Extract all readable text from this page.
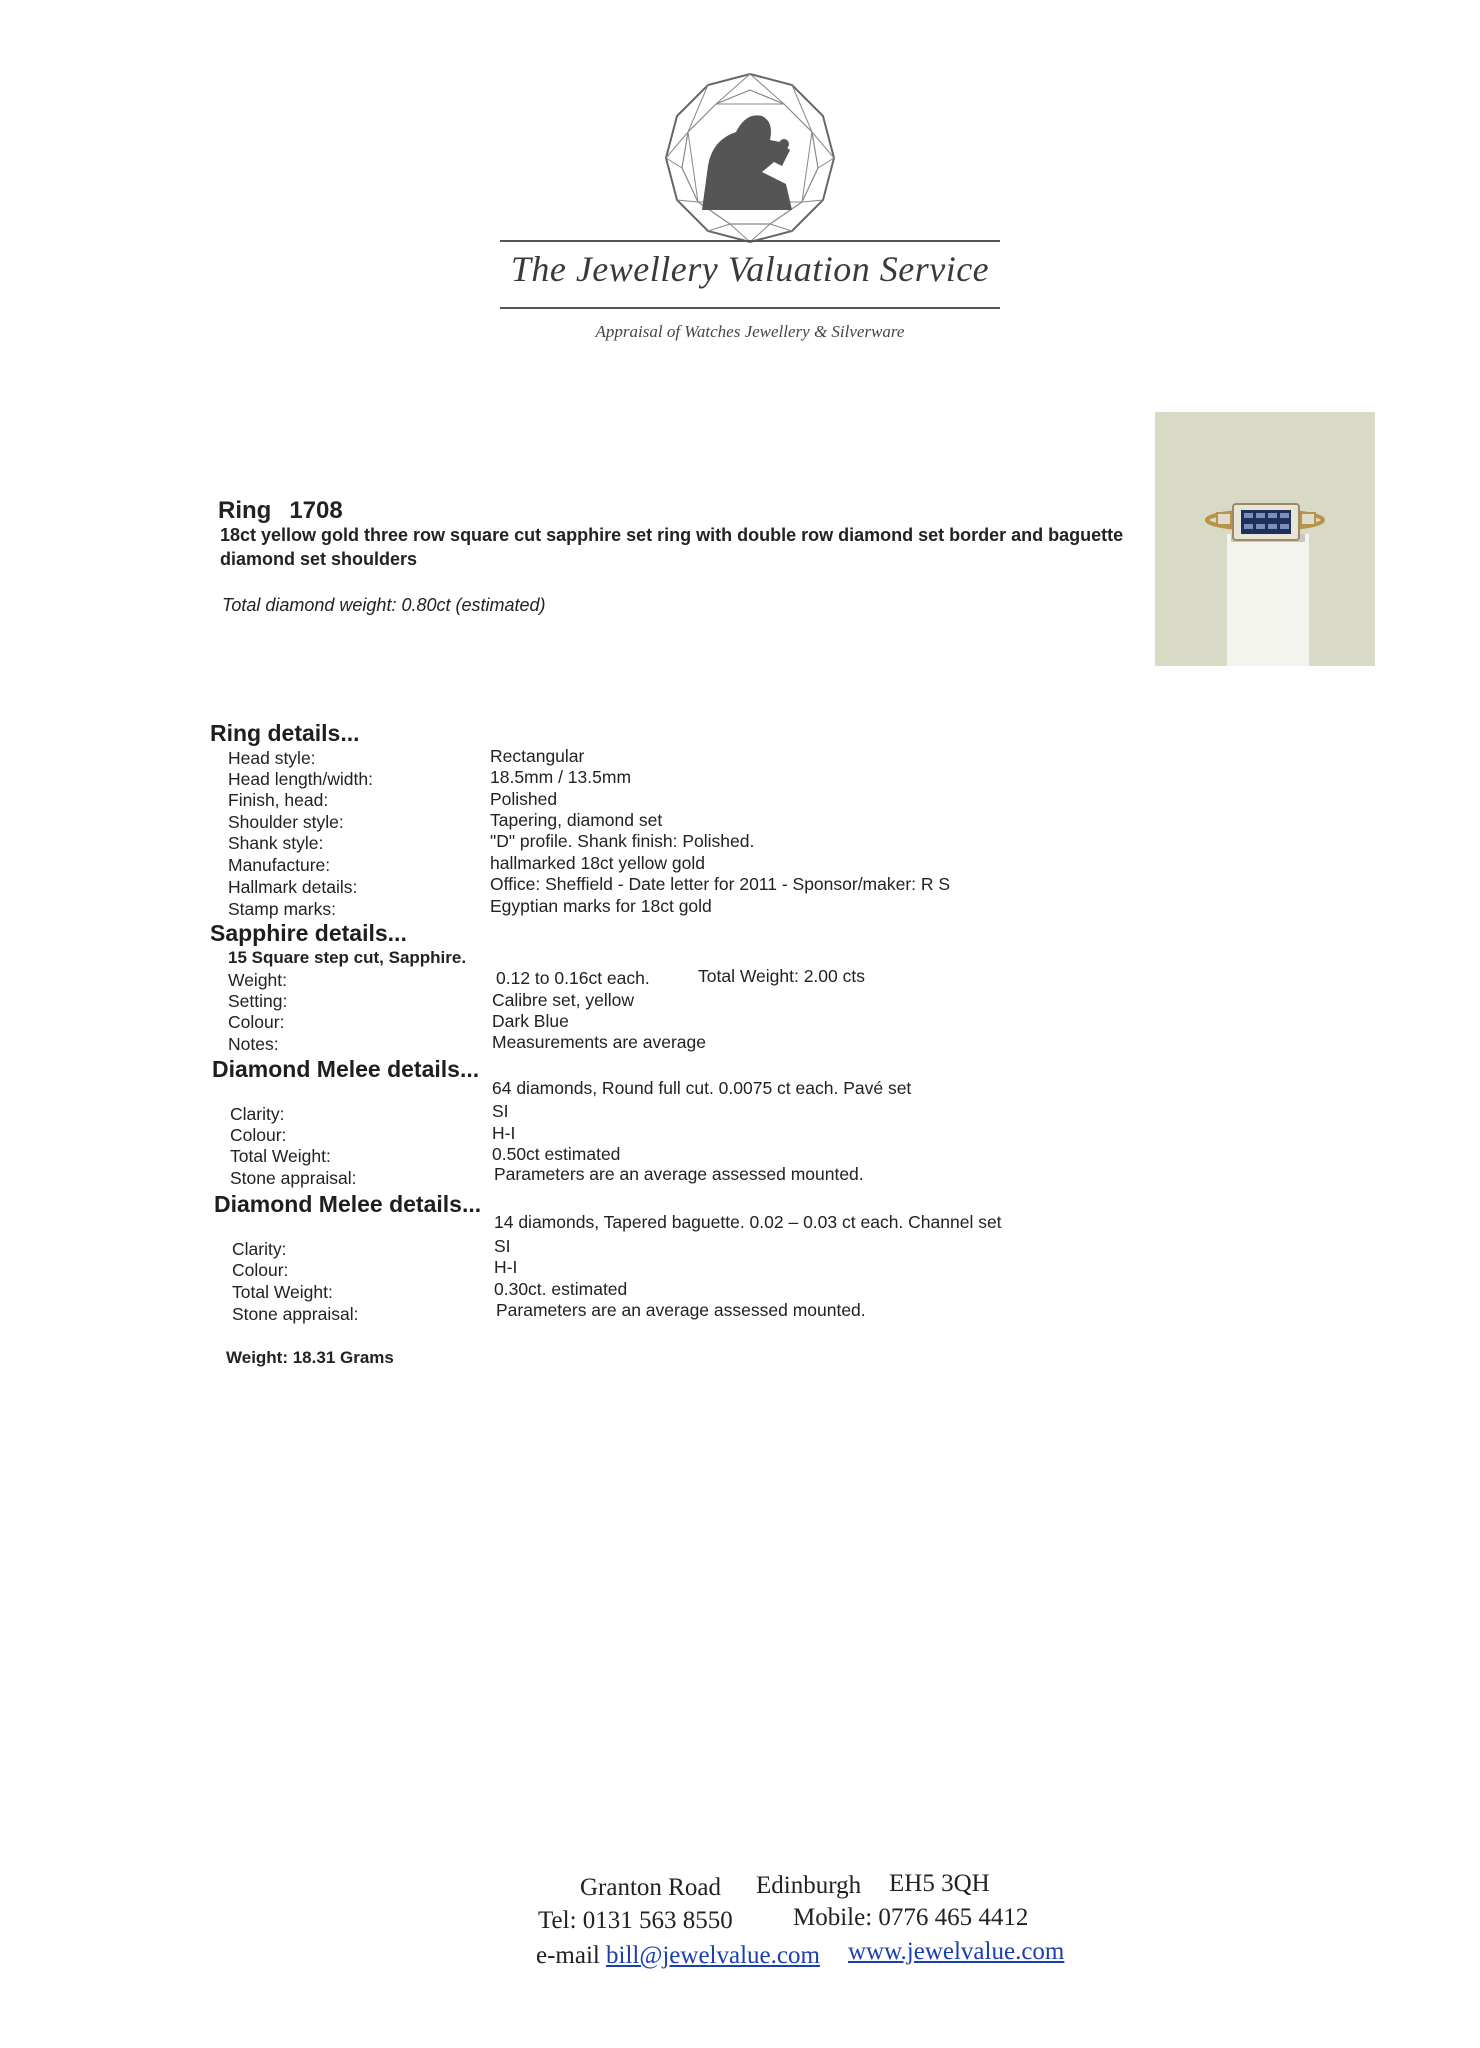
The Jewellery Valuation Service
Appraisal of Watches Jewellery & Silverware
Ring 1708
18ct yellow gold three row square cut sapphire set ring with double row diamond set border and baguette diamond set shoulders
Total diamond weight: 0.80ct (estimated)
Ring details...
Head style:	Rectangular
Head length/width:	18.5mm / 13.5mm
Finish, head:	Polished
Shoulder style:	Tapering, diamond set
Shank style:	"D" profile. Shank finish: Polished.
Manufacture:	hallmarked 18ct yellow gold
Hallmark details:	Office: Sheffield - Date letter for 2011 - Sponsor/maker: R S
Stamp marks:	Egyptian marks for 18ct gold
Sapphire details...
15 Square step cut, Sapphire.
Weight:	0.12 to 0.16ct each.	Total Weight: 2.00 cts
Setting:	Calibre set, yellow
Colour:	Dark Blue
Notes:	Measurements are average
Diamond Melee details...
64 diamonds, Round full cut. 0.0075 ct each. Pavé set
Clarity:	SI
Colour:	H-I
Total Weight:	0.50ct estimated
Stone appraisal:	Parameters are an average assessed mounted.
Diamond Melee details...
14 diamonds, Tapered baguette. 0.02 – 0.03 ct each. Channel set
Clarity:	SI
Colour:	H-I
Total Weight:	0.30ct. estimated
Stone appraisal:	Parameters are an average assessed mounted.
Weight: 18.31 Grams
Granton Road Edinburgh EH5 3QH
Tel: 0131 563 8550 Mobile: 0776 465 4412
e-mail bill@jewelvalue.com www.jewelvalue.com
